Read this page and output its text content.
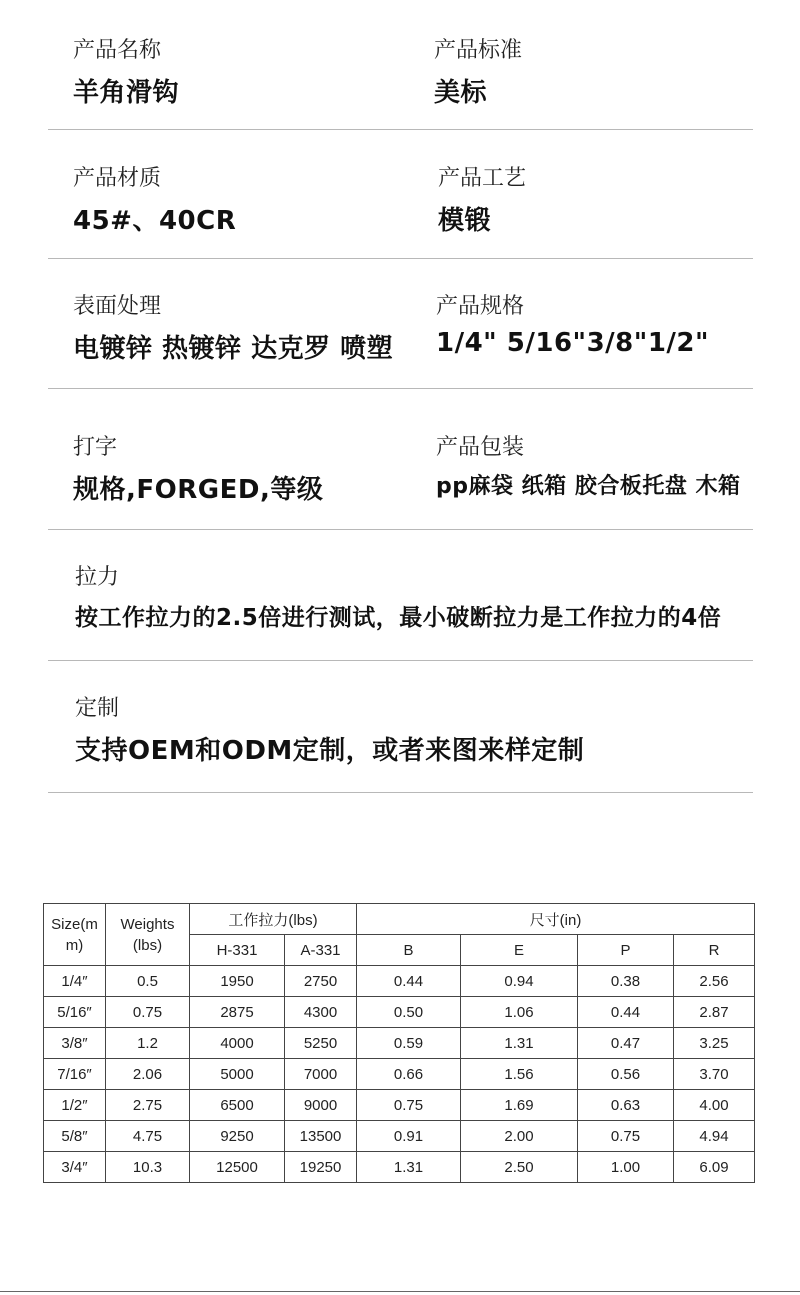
产品名称
羊角滑钩
产品标准
美标
产品材质
45#、40CR
产品工艺
模锻
表面处理
电镀锌 热镀锌 达克罗 喷塑
产品规格
1/4" 5/16"3/8"1/2"
打字
规格,FORGED,等级
产品包装
pp麻袋 纸箱 胶合板托盘 木箱
拉力
按工作拉力的2.5倍进行测试，最小破断拉力是工作拉力的4倍
定制
支持OEM和ODM定制，或者来图来样定制
Size(m m)	Weights (lbs)	工作拉力(lbs)		尺寸(in)			
		H-331	A-331	B	E	P	R
1/4″	0.5	1950	2750	0.44	0.94	0.38	2.56
5/16″	0.75	2875	4300	0.50	1.06	0.44	2.87
3/8″	1.2	4000	5250	0.59	1.31	0.47	3.25
7/16″	2.06	5000	7000	0.66	1.56	0.56	3.70
1/2″	2.75	6500	9000	0.75	1.69	0.63	4.00
5/8″	4.75	9250	13500	0.91	2.00	0.75	4.94
3/4″	10.3	12500	19250	1.31	2.50	1.00	6.09
